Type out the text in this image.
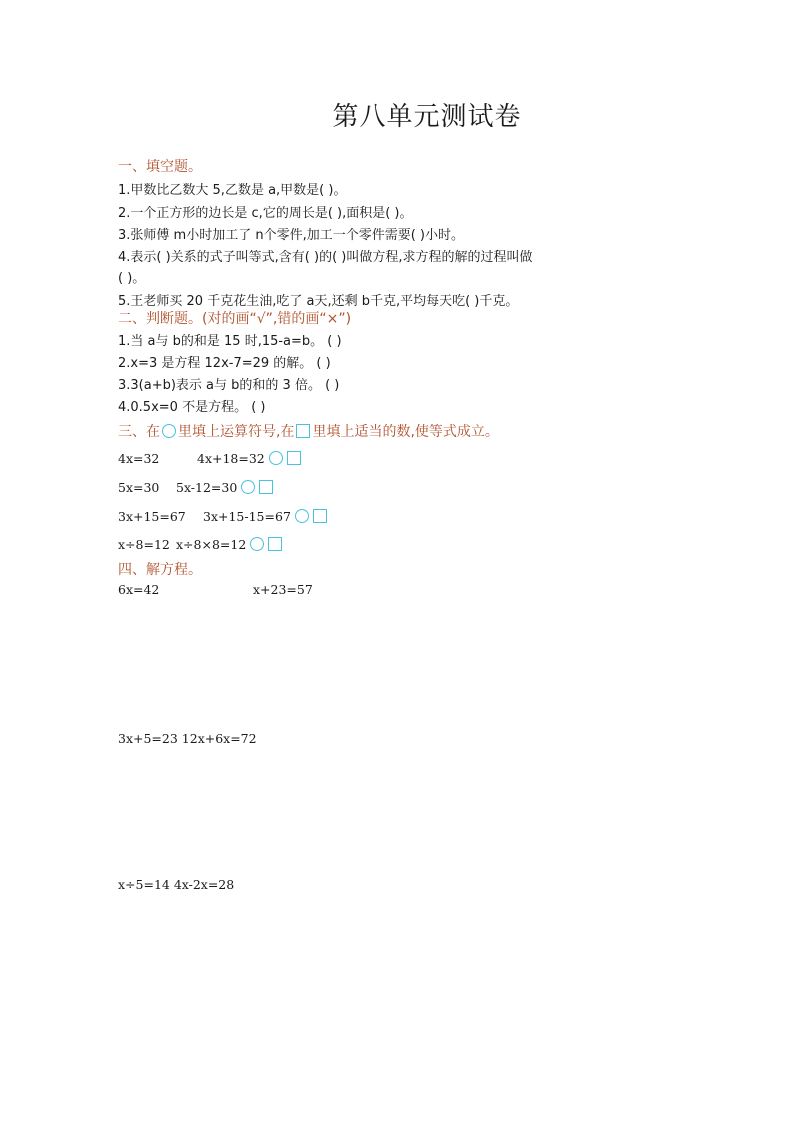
第八单元测试卷
一、填空题。
1.甲数比乙数大 5,乙数是 a,甲数是( )。
2.一个正方形的边长是 c,它的周长是( ),面积是( )。
3.张师傅 m小时加工了 n个零件,加工一个零件需要( )小时。
4.表示( )关系的式子叫等式,含有( )的( )叫做方程,求方程的解的过程叫做
( )。
5.王老师买 20 千克花生油,吃了 a天,还剩 b千克,平均每天吃( )千克。
二、判断题。(对的画“√”,错的画“×”)
1.当 a与 b的和是 15 时,15-a=b。 ( )
2.x=3 是方程 12x-7=29 的解。 ( )
3.3(a+b)表示 a与 b的和的 3 倍。 ( )
4.0.5x=0 不是方程。 ( )
三、在 里填上运算符号,在 里填上适当的数,使等式成立。
4x=32	4x+18=32
5x=30 5x-12=30
3x+15=67 3x+15-15=67
x÷8=12 x÷8×8=12
四、解方程。
6x=42	x+23=57
3x+5=23 12x+6x=72
x÷5=14 4x-2x=28
